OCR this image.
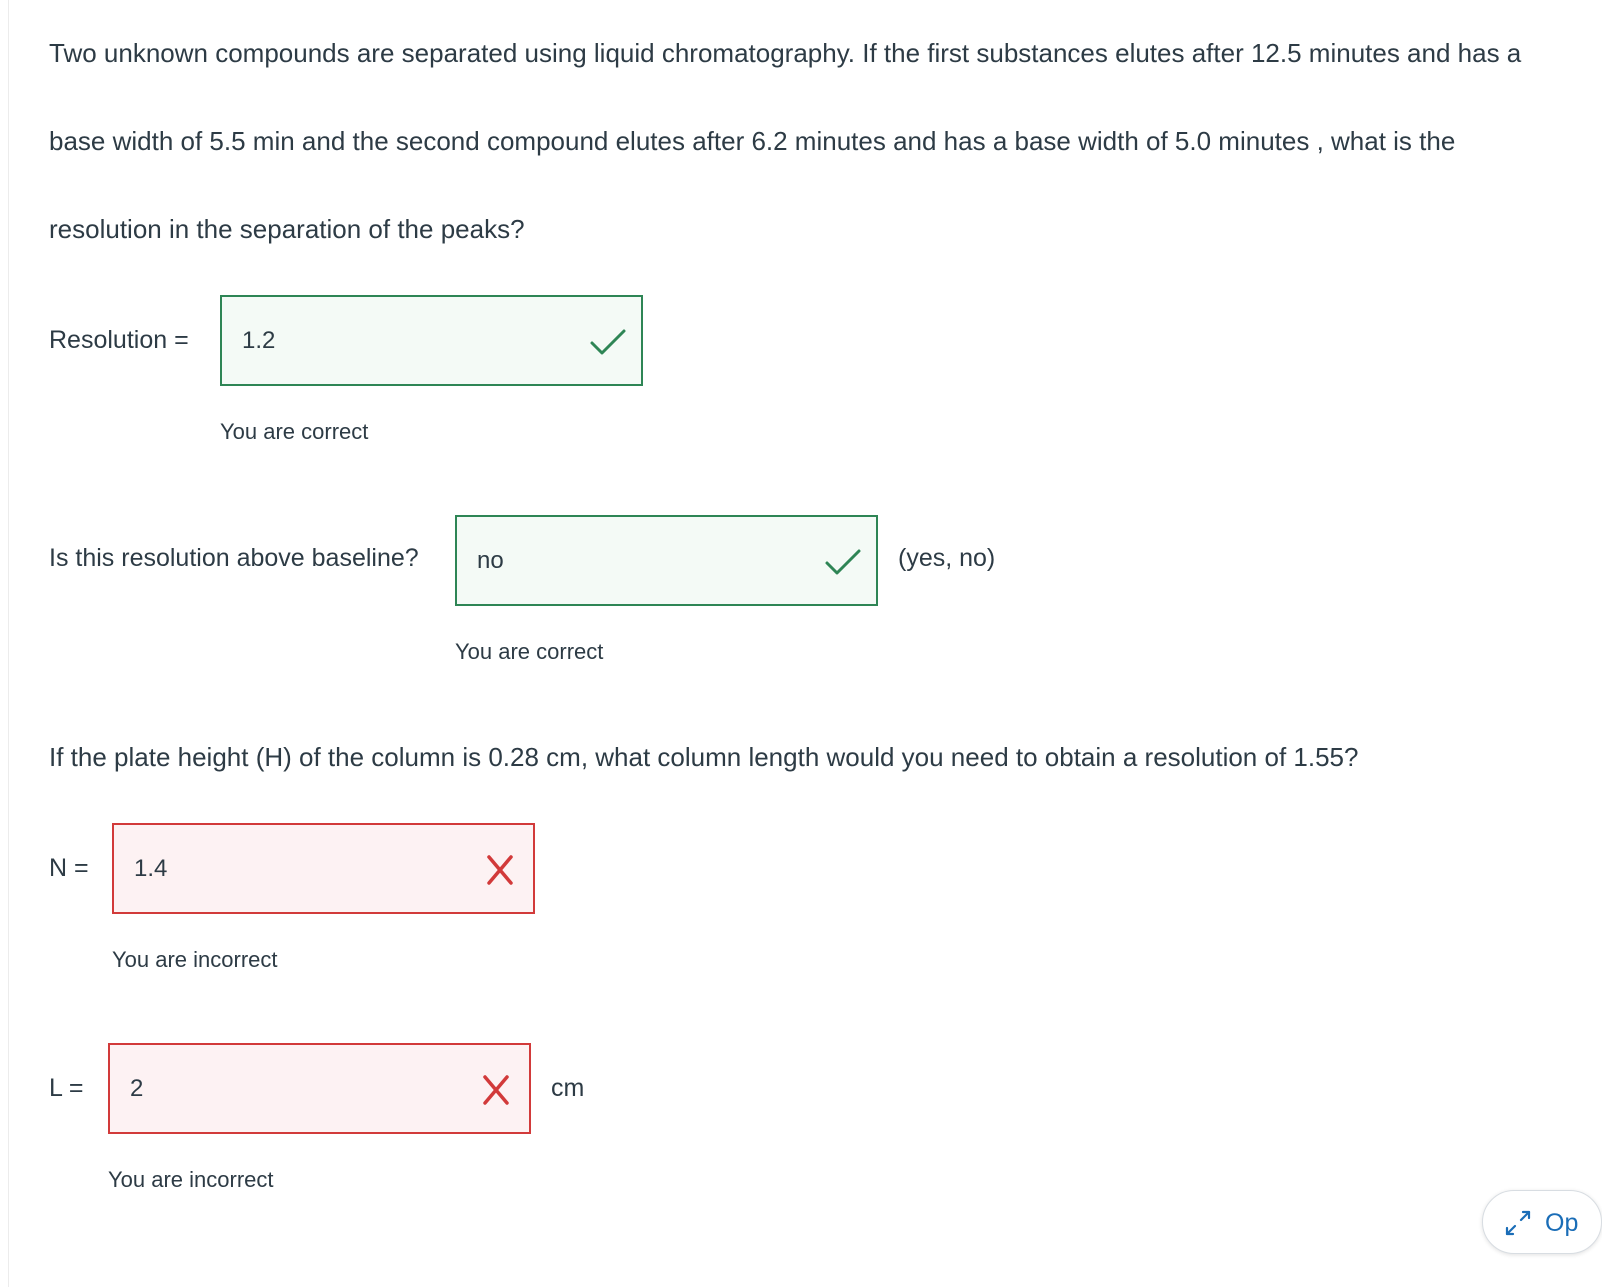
Two unknown compounds are separated using liquid chromatography. If the first substances elutes after 12.5 minutes and has a
base width of 5.5 min and the second compound elutes after 6.2 minutes and has a base width of 5.0 minutes , what is the
resolution in the separation of the peaks?
Resolution = 1.2
You are correct
Is this resolution above baseline? no	(yes, no)
You are correct
If the plate height (H) of the column is 0.28 cm, what column length would you need to obtain a resolution of 1.55?
N = 1.4
You are incorrect
L = 2	cm
You are incorrect
Op
